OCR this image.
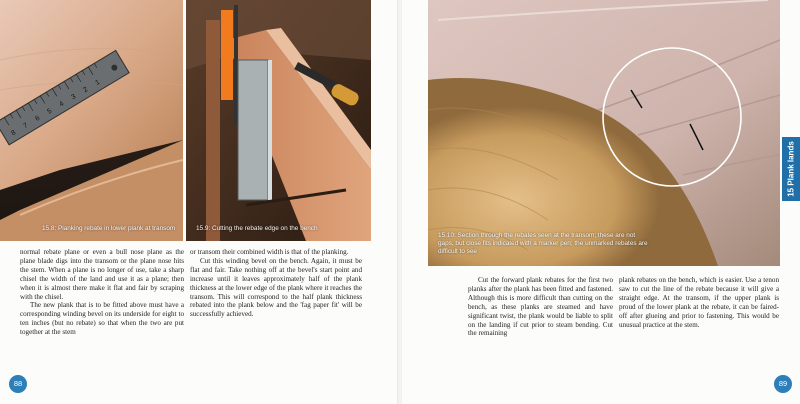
8
7
6
5
4
3
2
1
15.8: Planking rebate in lower plank at transom	15.9: Cutting the rebate edge on the bench

normal rebate plane or even a bull nose plane as the plane blade digs into the transom or the plane nose hits the stem. When a plane is no longer of use, take a sharp chisel the width of the land and use it as a plane; then when it is almost there make it flat and fair by scraping with the chisel.

The new plank that is to be fitted above must have a corresponding winding bevel on its underside for eight to ten inches (but no rebate) so that when the two are put together at the stem

or transom their combined width is that of the planking.

Cut this winding bevel on the bench. Again, it must be flat and fair. Take nothing off at the bevel's start point and increase until it leaves approximately half of the plank thickness at the lower edge of the plank where it reaches the transom. This will correspond to the half plank thickness rebated into the plank below and the 'fag paper fit' will be successfully achieved.

88
15.10: Section through the rebates seen at the transom; these are not gaps, but close fits indicated with a marker pen; the unmarked rebates are difficult to see
15 Plank lands

Cut the forward plank rebates for the first two planks after the plank has been fitted and fastened. Although this is more difficult than cutting on the bench, as these planks are steamed and have significant twist, the plank would be liable to split on the landing if cut prior to steam bending. Cut the remaining

plank rebates on the bench, which is easier. Use a tenon saw to cut the line of the rebate because it will give a straight edge. At the transom, if the upper plank is proud of the lower plank at the rebate, it can be faired-off after glueing and prior to fastening. This would be unusual practice at the stem.

89
